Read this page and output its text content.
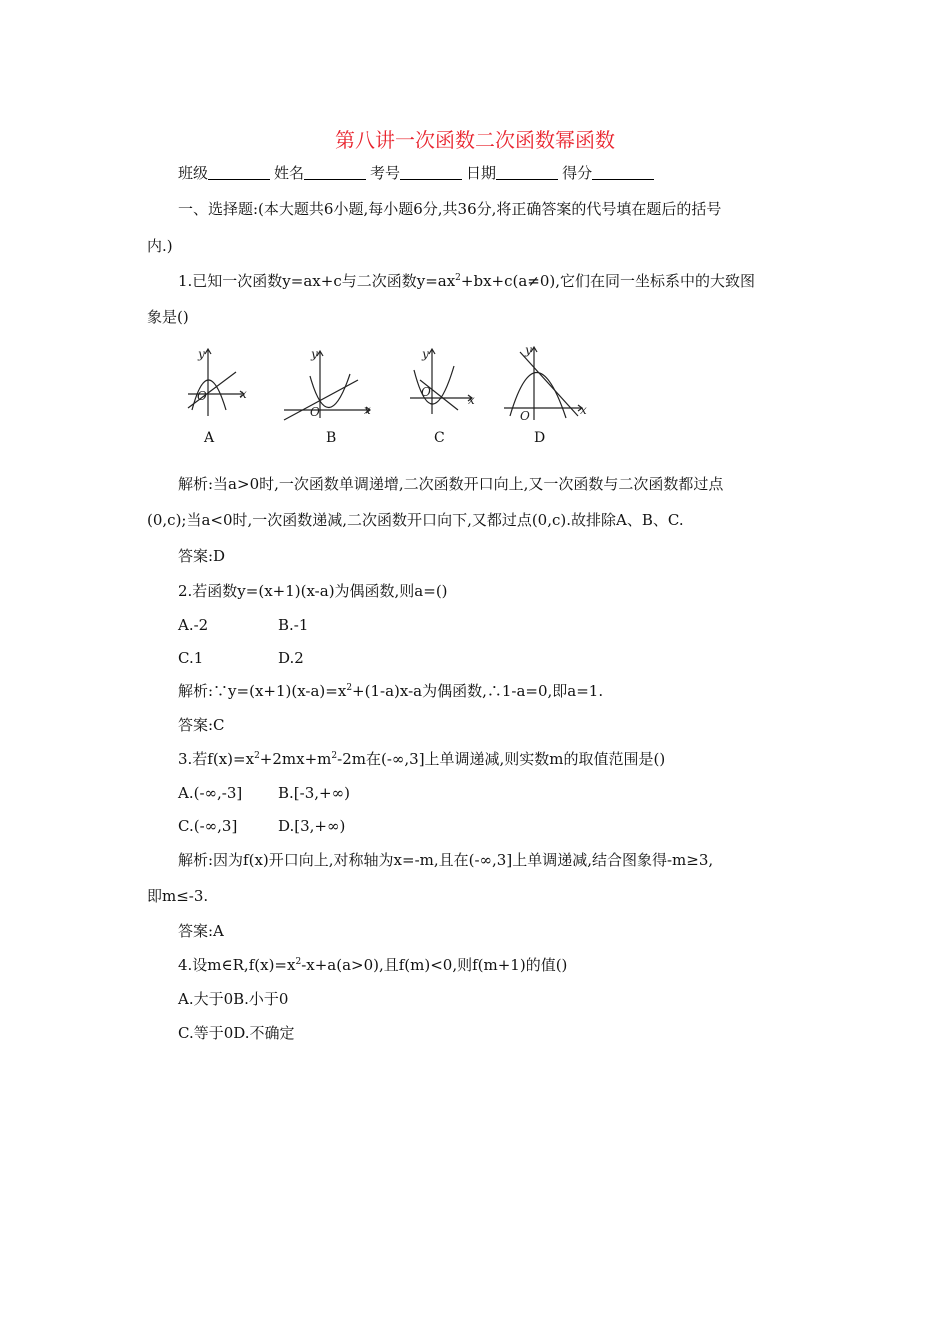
第八讲一次函数二次函数幂函数
班级	姓名	考号	日期	得分
一、选择题:(本大题共6小题,每小题6分,共36分,将正确答案的代号填在题后的括号
内.)
1.已知一次函数y=ax+c与二次函数$y=ax^2+bx+c(a\ne 0)$,它们在同一坐标系中的大致图
象是()
O	x
y
O	x
y
O
x
y
O	x
y
A	B	C	D
解析:当a>0时,一次函数单调递增,二次函数开口向上,又一次函数与二次函数都过点
(0,c);当a<0时,一次函数递减,二次函数开口向下,又都过点(0,c).故排除A、B、C.
答案:D
2.若函数y=(x+1)(x-a)为偶函数,则a=()
A.-2	B.-1
C.1	D.2
解析$:\because y=(x+1)(x-a)=x^2+(1-a)x-a$为偶函数,∴1-a=0,即a=1.
答案:C
3.若$f(x)=x^2+2mx+m^2-2m$在(-∞,3]上单调递减,则实数m的取值范围是()
A.(-∞,-3] B.[-3,+∞)
C.(-∞,3]	D.[3,+∞)
解析:因为f(x)开口向上,对称轴为x=-m,且在(-∞,3]上单调递减,结合图象得-m≥3,
即m≤-3.
答案:A
4.设$m\in R,f(x)=x^2-x+a(a>0)$,且f(m)<0,则f(m+1)的值()
A.大于0B.小于0
C.等于0D.不确定
